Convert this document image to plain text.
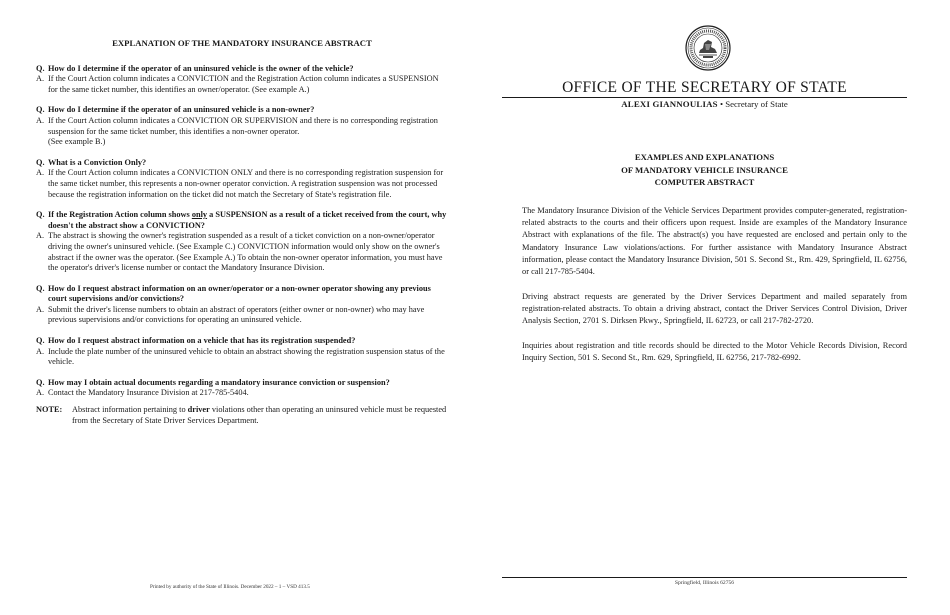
EXPLANATION OF THE MANDATORY INSURANCE ABSTRACT
Q. How do I determine if the operator of an uninsured vehicle is the owner of the vehicle?
A. If the Court Action column indicates a CONVICTION and the Registration Action column indicates a SUSPENSION for the same ticket number, this identifies an owner/operator. (See example A.)
Q. How do I determine if the operator of an uninsured vehicle is a non-owner?
A. If the Court Action column indicates a CONVICTION OR SUPERVISION and there is no corresponding registration suspension for the same ticket number, this identifies a non-owner operator.
(See example B.)
Q. What is a Conviction Only?
A. If the Court Action column indicates a CONVICTION ONLY and there is no corresponding registration suspension for the same ticket number, this represents a non-owner operator conviction. A registration suspension was not processed because the registration information on the ticket did not match the Secretary of State's registration file.
Q. If the Registration Action column shows only a SUSPENSION as a result of a ticket received from the court, why doesn't the abstract show a CONVICTION?
A. The abstract is showing the owner's registration suspended as a result of a ticket conviction on a non-owner/operator driving the owner's uninsured vehicle. (See Example C.) CONVICTION information would only show on the owner's abstract if the owner was the operator. (See Example A.) To obtain the non-owner operator information, you must have the operator's driver's license number or contact the Mandatory Insurance Division.
Q. How do I request abstract information on an owner/operator or a non-owner operator showing any previous court supervisions and/or convictions?
A. Submit the driver's license numbers to obtain an abstract of operators (either owner or non-owner) who may have previous supervisions and/or convictions for operating an uninsured vehicle.
Q. How do I request abstract information on a vehicle that has its registration suspended?
A. Include the plate number of the uninsured vehicle to obtain an abstract showing the registration suspension status of the vehicle.
Q. How may I obtain actual documents regarding a mandatory insurance conviction or suspension?
A. Contact the Mandatory Insurance Division at 217-785-5404.
NOTE:	Abstract information pertaining to driver violations other than operating an uninsured vehicle must be requested from the Secretary of State Driver Services Department.
Printed by authority of the State of Illinois. December 2022 – 1 – VSD 413.5
OFFICE OF THE SECRETARY OF STATE
ALEXI GIANNOULIAS • Secretary of State
EXAMPLES AND EXPLANATIONS
OF MANDATORY VEHICLE INSURANCE
COMPUTER ABSTRACT

The Mandatory Insurance Division of the Vehicle Services Department provides computer-generated, registration-related abstracts to the courts and their officers upon request. Inside are examples of the Mandatory Insurance Abstract with explanations of the file. The abstract(s) you have requested are enclosed and pertain only to the Mandatory Insurance Law violations/actions. For further assistance with Mandatory Insurance Abstract information, please contact the Mandatory Insurance Division, 501 S. Second St., Rm. 429, Springfield, IL 62756, or call 217-785-5404.

Driving abstract requests are generated by the Driver Services Department and mailed separately from registration-related abstracts. To obtain a driving abstract, contact the Driver Services Control Division, Driver Analysis Section, 2701 S. Dirksen Pkwy., Springfield, IL 62723, or call 217-782-2720.

Inquiries about registration and title records should be directed to the Motor Vehicle Records Division, Record Inquiry Section, 501 S. Second St., Rm. 629, Springfield, IL 62756, 217-782-6992.

Springfield, Illinois 62756
